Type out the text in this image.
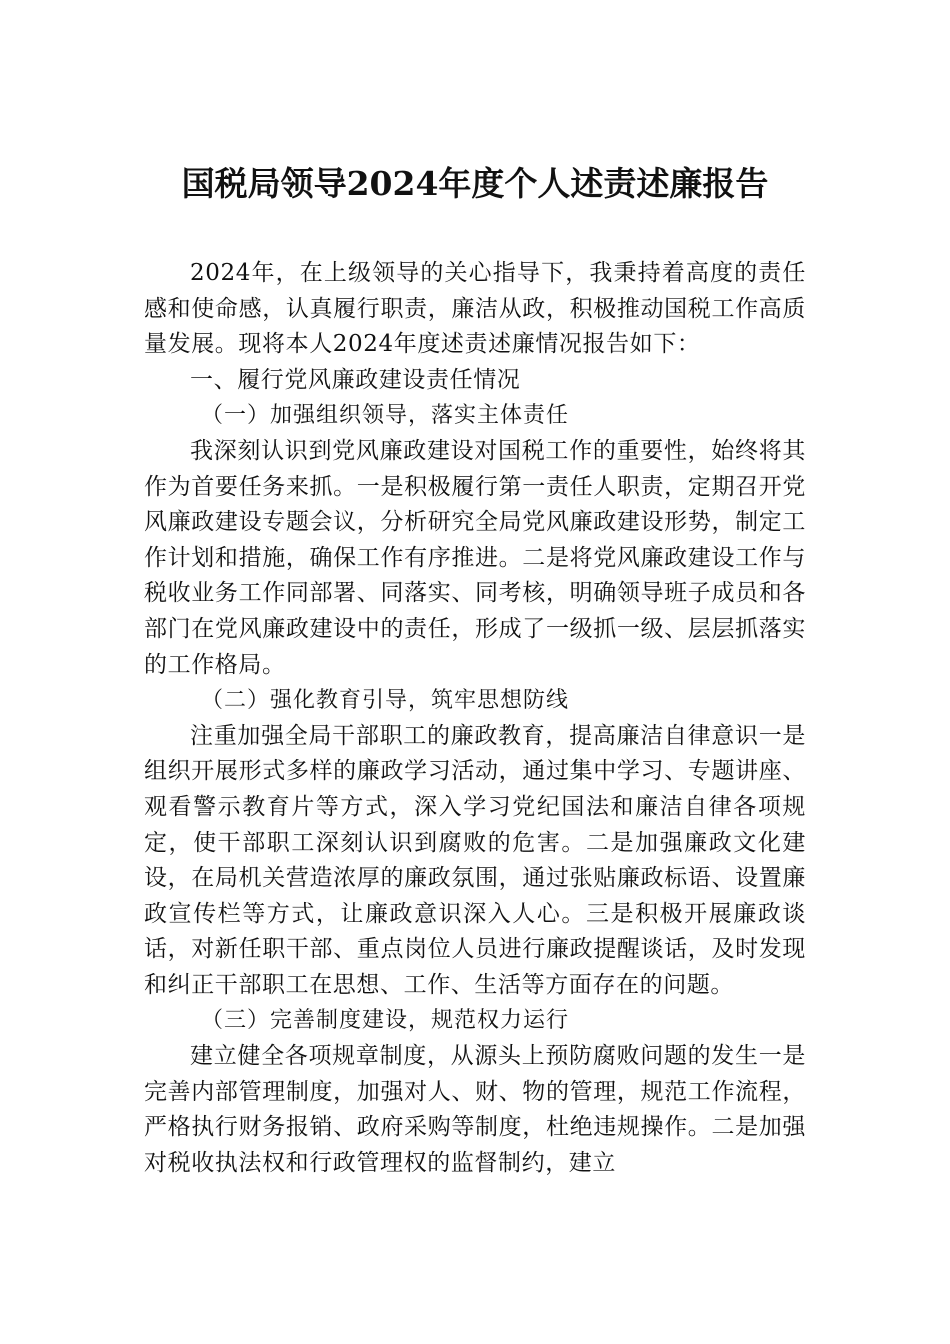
国税局领导2024年度个人述责述廉报告

2024年，在上级领导的关心指导下，我秉持着高度的责任感和使命感，认真履行职责，廉洁从政，积极推动国税工作高质量发展。现将本人2024年度述责述廉情况报告如下：

一、履行党风廉政建设责任情况

（一）加强组织领导，落实主体责任

我深刻认识到党风廉政建设对国税工作的重要性，始终将其作为首要任务来抓。一是积极履行第一责任人职责，定期召开党风廉政建设专题会议，分析研究全局党风廉政建设形势，制定工作计划和措施，确保工作有序推进。二是将党风廉政建设工作与税收业务工作同部署、同落实、同考核，明确领导班子成员和各部门在党风廉政建设中的责任，形成了一级抓一级、层层抓落实的工作格局。

（二）强化教育引导，筑牢思想防线

注重加强全局干部职工的廉政教育，提高廉洁自律意识一是组织开展形式多样的廉政学习活动，通过集中学习、专题讲座、观看警示教育片等方式，深入学习党纪国法和廉洁自律各项规定，使干部职工深刻认识到腐败的危害。二是加强廉政文化建设，在局机关营造浓厚的廉政氛围，通过张贴廉政标语、设置廉政宣传栏等方式，让廉政意识深入人心。三是积极开展廉政谈话，对新任职干部、重点岗位人员进行廉政提醒谈话，及时发现和纠正干部职工在思想、工作、生活等方面存在的问题。

（三）完善制度建设，规范权力运行

建立健全各项规章制度，从源头上预防腐败问题的发生一是完善内部管理制度，加强对人、财、物的管理，规范工作流程，严格执行财务报销、政府采购等制度，杜绝违规操作。二是加强对税收执法权和行政管理权的监督制约，建立
